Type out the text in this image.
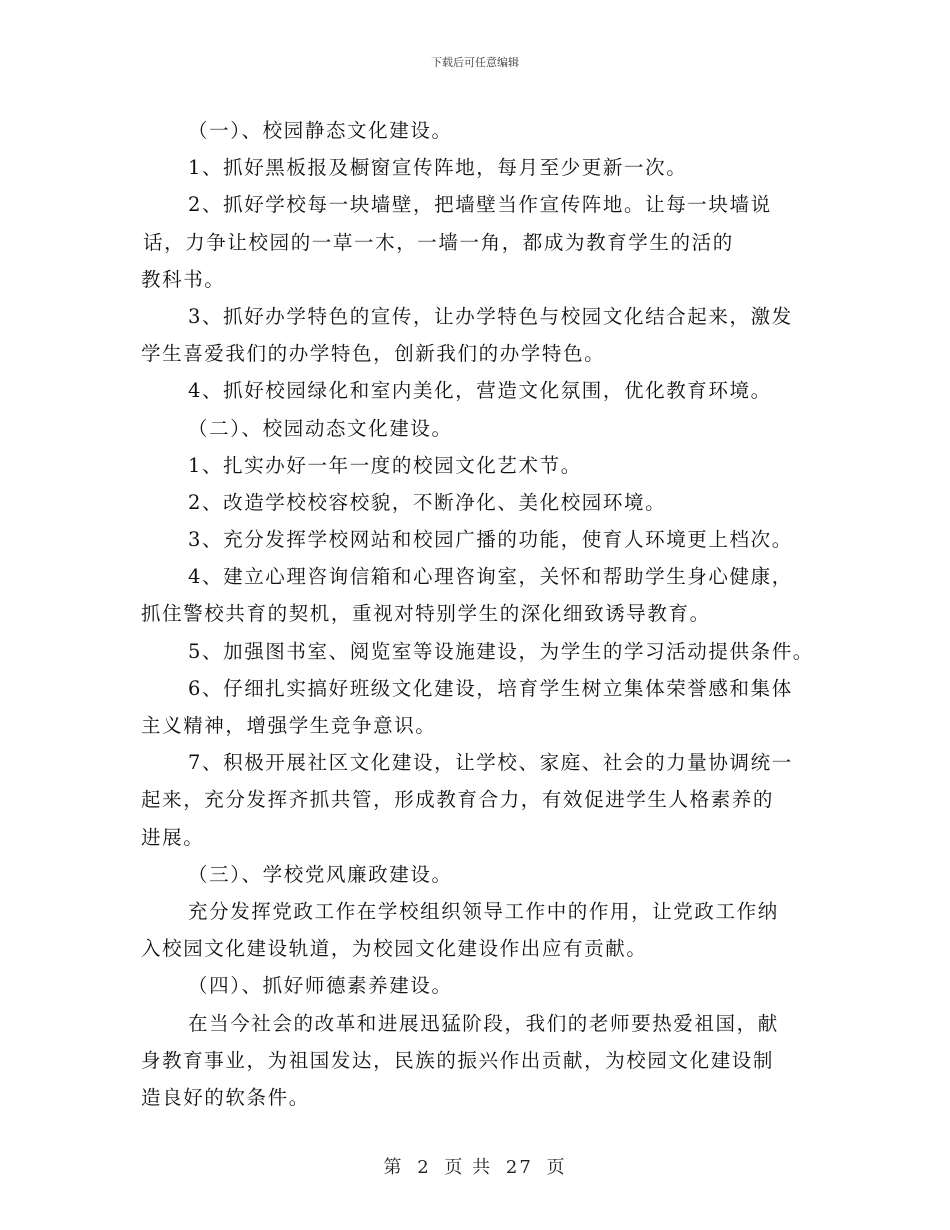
下载后可任意编辑
（一）、校园静态文化建设。
1、抓好黑板报及橱窗宣传阵地，每月至少更新一次。
2、抓好学校每一块墙壁，把墙壁当作宣传阵地。让每一块墙说
话，力争让校园的一草一木，一墙一角，都成为教育学生的活的
教科书。
3、抓好办学特色的宣传，让办学特色与校园文化结合起来，激发
学生喜爱我们的办学特色，创新我们的办学特色。
4、抓好校园绿化和室内美化，营造文化氛围，优化教育环境。
（二）、校园动态文化建设。
1、扎实办好一年一度的校园文化艺术节。
2、改造学校校容校貌，不断净化、美化校园环境。
3、充分发挥学校网站和校园广播的功能，使育人环境更上档次。
4、建立心理咨询信箱和心理咨询室，关怀和帮助学生身心健康，
抓住警校共育的契机，重视对特别学生的深化细致诱导教育。
5、加强图书室、阅览室等设施建设，为学生的学习活动提供条件。
6、仔细扎实搞好班级文化建设，培育学生树立集体荣誉感和集体
主义精神，增强学生竞争意识。
7、积极开展社区文化建设，让学校、家庭、社会的力量协调统一
起来，充分发挥齐抓共管，形成教育合力，有效促进学生人格素养的
进展。
（三）、学校党风廉政建设。
充分发挥党政工作在学校组织领导工作中的作用，让党政工作纳
入校园文化建设轨道，为校园文化建设作出应有贡献。
（四）、抓好师德素养建设。
在当今社会的改革和进展迅猛阶段，我们的老师要热爱祖国，献
身教育事业，为祖国发达，民族的振兴作出贡献，为校园文化建设制
造良好的软条件。
第 2 页 共 27 页
